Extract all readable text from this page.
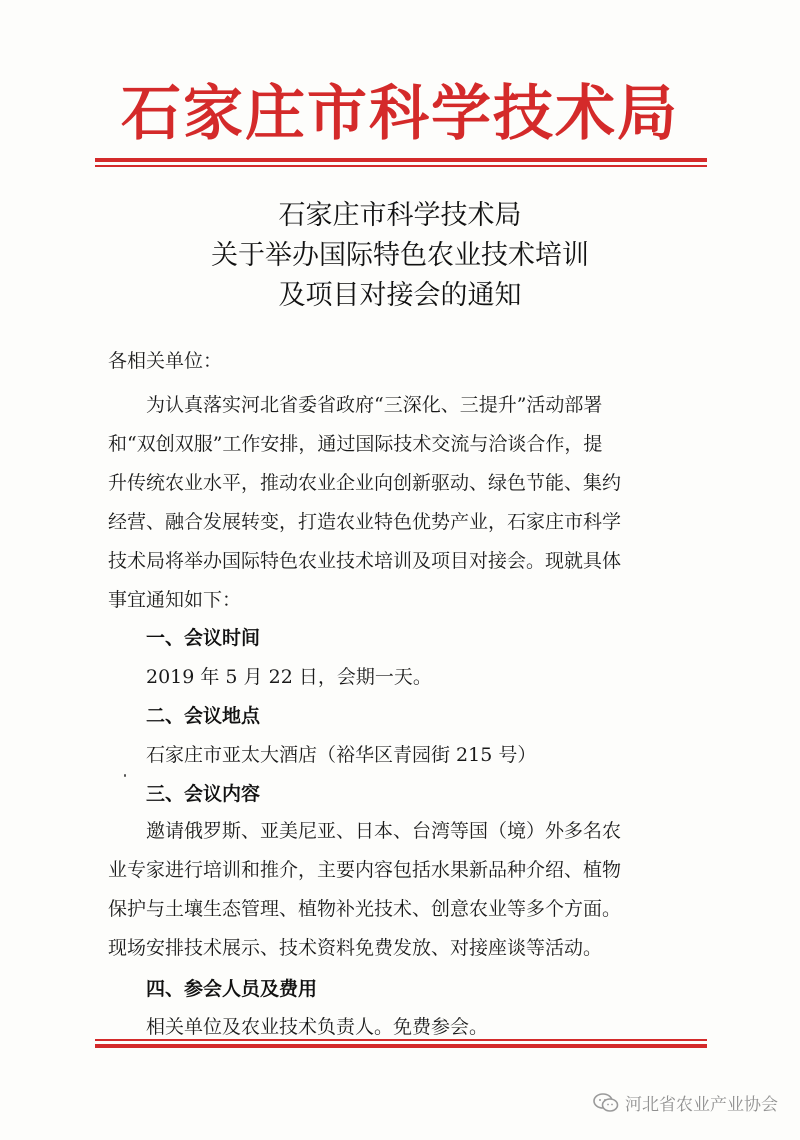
石家庄市科学技术局
石家庄市科学技术局
关于举办国际特色农业技术培训
及项目对接会的通知
各相关单位：
为认真落实河北省委省政府“三深化、三提升”活动部署
和“双创双服”工作安排，通过国际技术交流与洽谈合作，提
升传统农业水平，推动农业企业向创新驱动、绿色节能、集约
经营、融合发展转变，打造农业特色优势产业，石家庄市科学
技术局将举办国际特色农业技术培训及项目对接会。现就具体
事宜通知如下：
一、会议时间
2019 年 5 月 22 日，会期一天。
二、会议地点
石家庄市亚太大酒店（裕华区青园街 215 号）
三、会议内容
邀请俄罗斯、亚美尼亚、日本、台湾等国（境）外多名农
业专家进行培训和推介，主要内容包括水果新品种介绍、植物
保护与土壤生态管理、植物补光技术、创意农业等多个方面。
现场安排技术展示、技术资料免费发放、对接座谈等活动。
四、参会人员及费用
相关单位及农业技术负责人。免费参会。
河北省农业产业协会
